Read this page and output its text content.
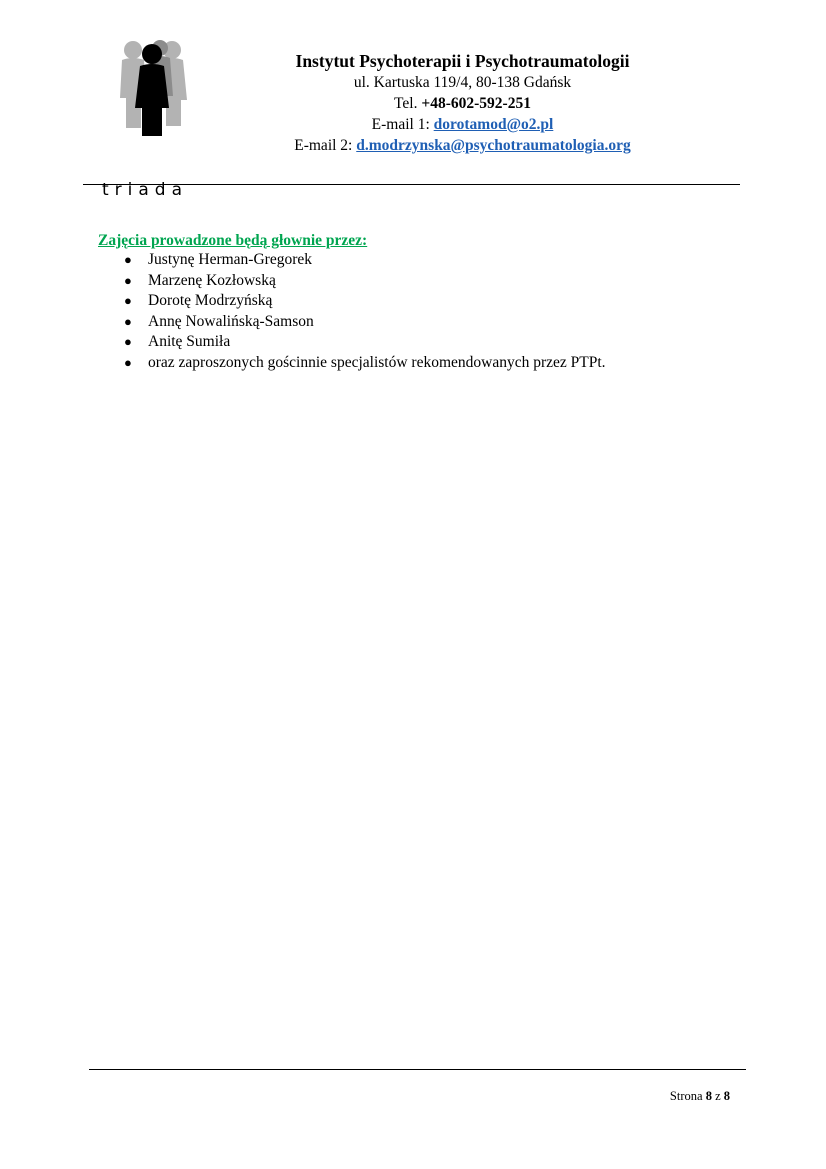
triada
Instytut Psychoterapii i Psychotraumatologii
ul. Kartuska 119/4, 80-138 Gdańsk
Tel. +48-602-592-251
E-mail 1: dorotamod@o2.pl
E-mail 2: d.modrzynska@psychotraumatologia.org
Zajęcia prowadzone będą głownie przez:
● Justynę Herman-Gregorek
● Marzenę Kozłowską
● Dorotę Modrzyńską
● Annę Nowalińską-Samson
● Anitę Sumiła
● oraz zaproszonych gościnnie specjalistów rekomendowanych przez PTPt.
Strona 8 z 8
